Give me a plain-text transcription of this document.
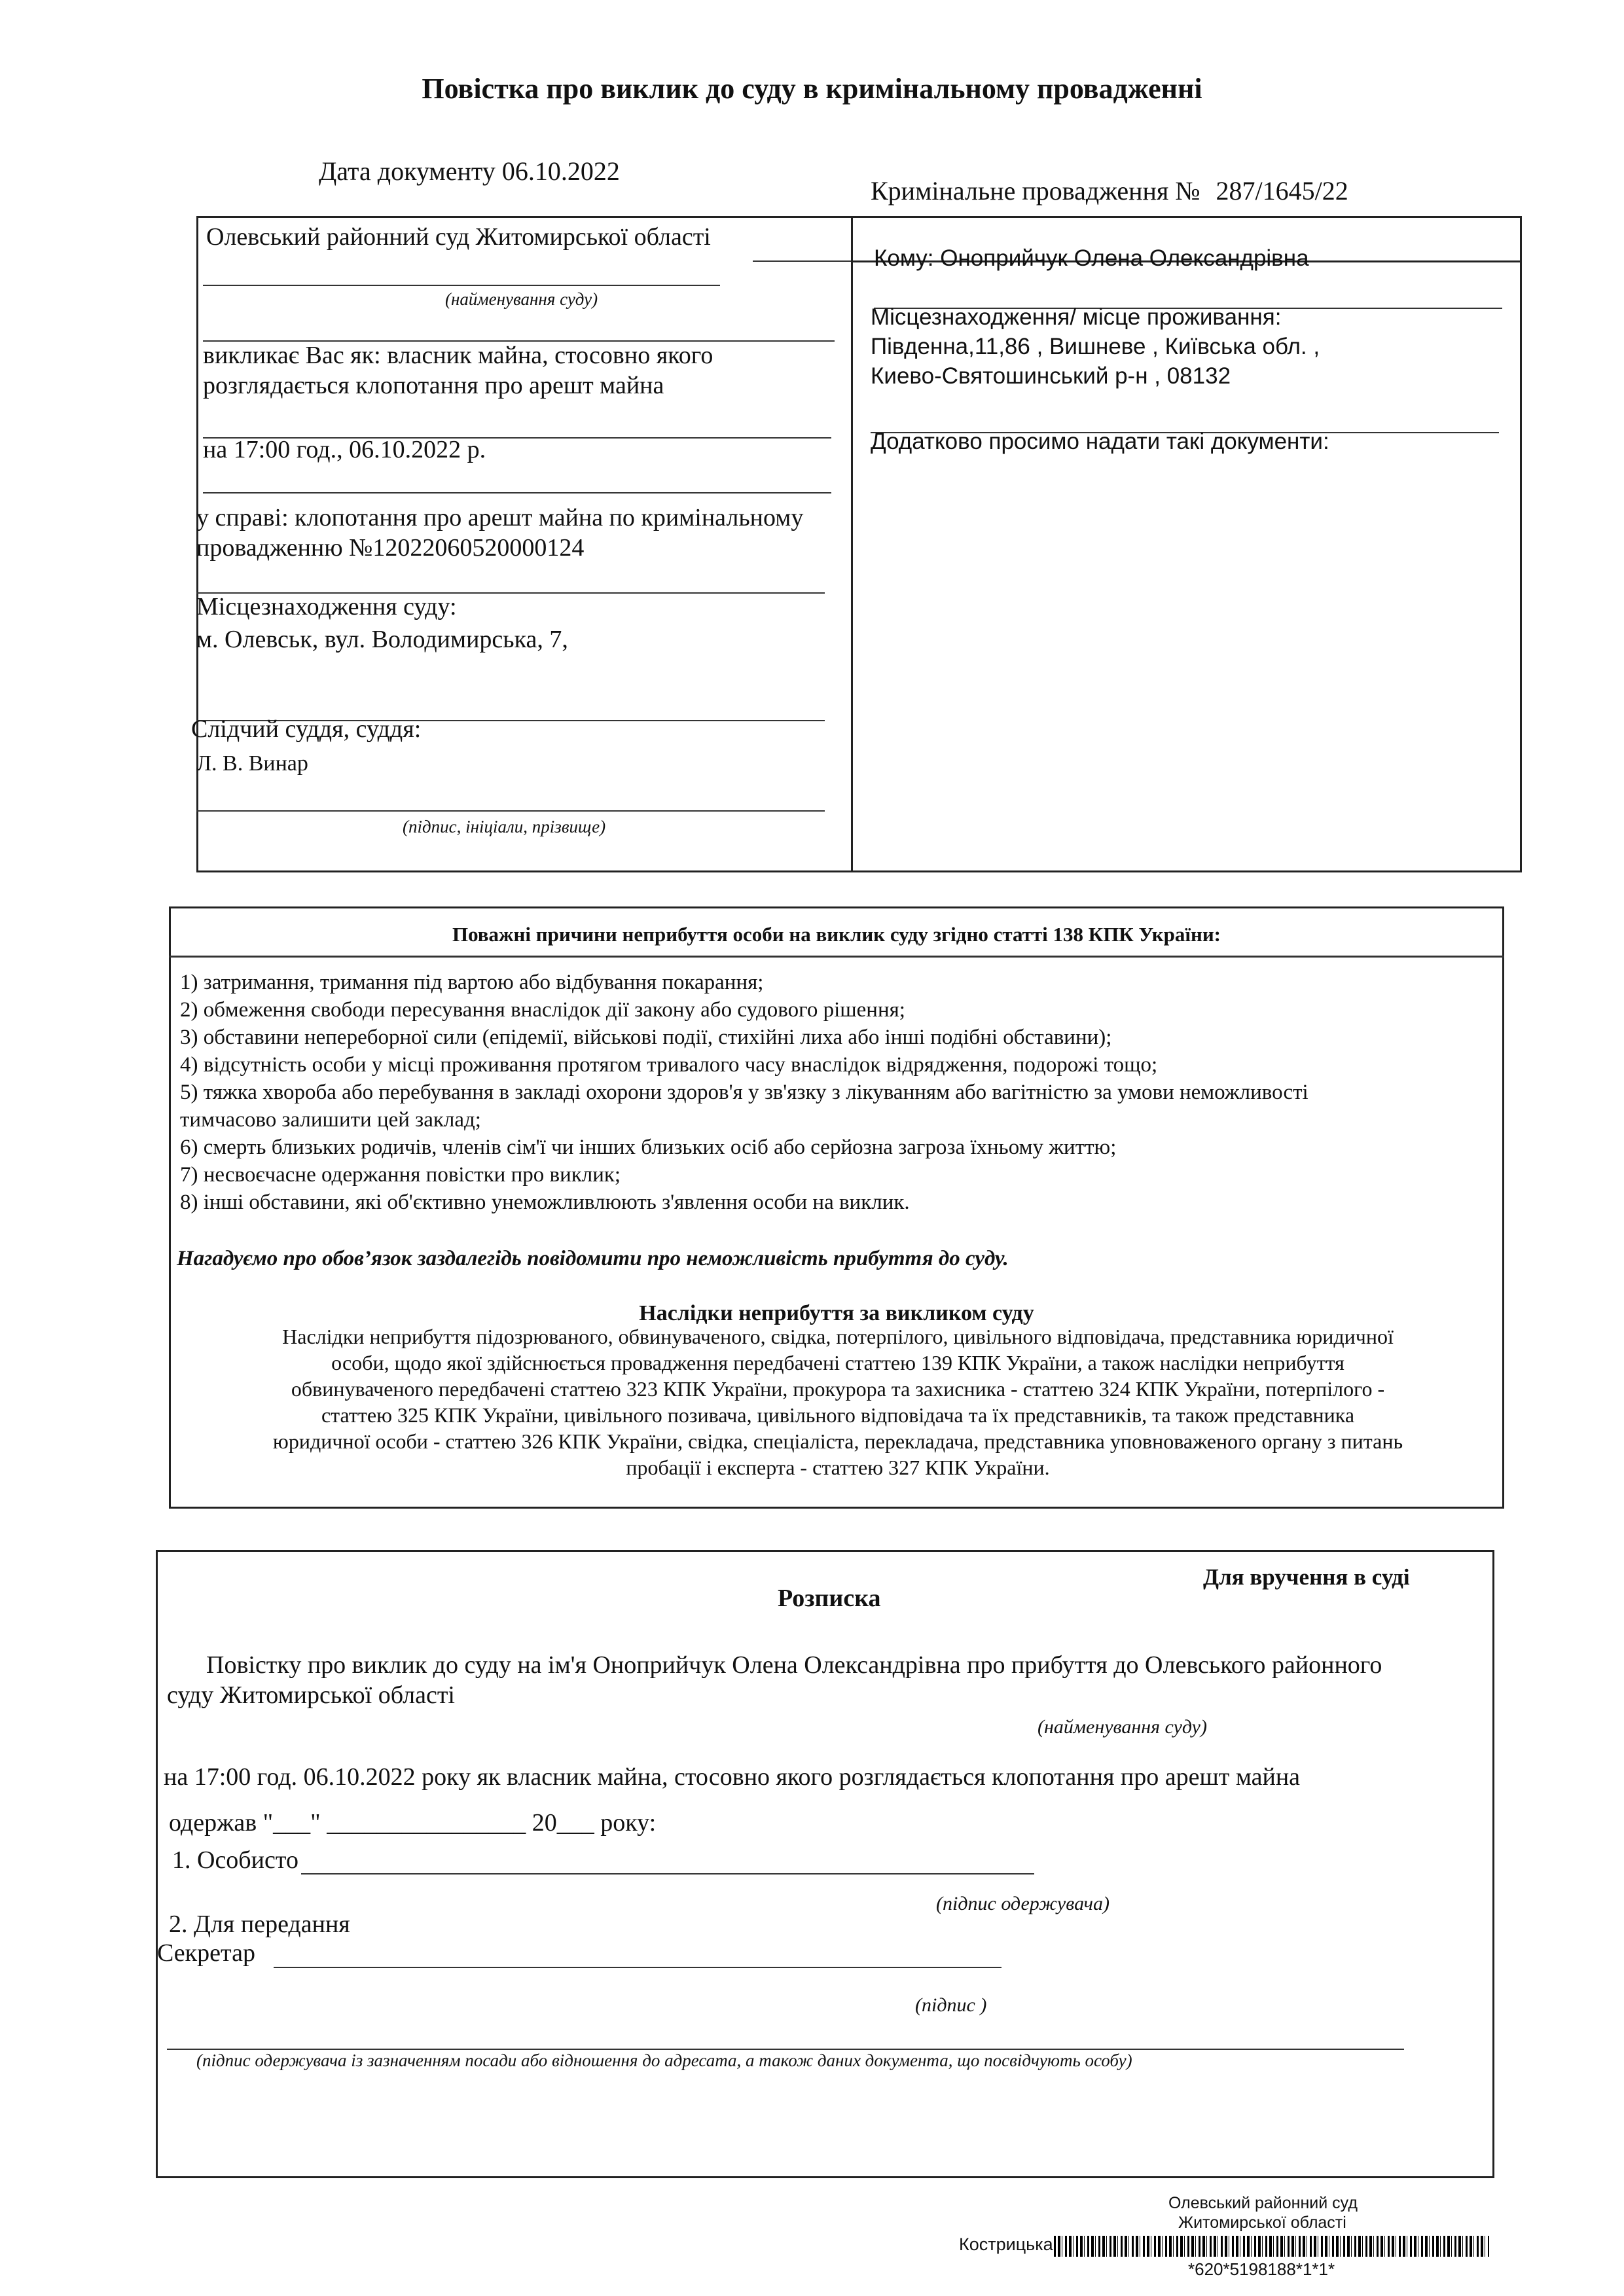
Повістка про виклик до суду в кримінальному провадженні
Дата документу 06.10.2022
Кримінальне провадження № 287/1645/22
Олевський районний суд Житомирської області
(найменування суду)
викликає Вас як: власник майна, стосовно якого розглядається клопотання про арешт майна
на 17:00 год., 06.10.2022 р.
у справі: клопотання про арешт майна по кримінальному провадженню №12022060520000124
Місцезнаходження суду:
м. Олевськ, вул. Володимирська, 7,
Слідчий суддя, суддя:
Л. В. Винар
(підпис, ініціали, прізвище)
Кому: Оноприйчук Олена Олександрівна
Місцезнаходження/ місце проживання:
Південна,11,86 , Вишневе , Київська обл. ,
Киево-Святошинський р-н , 08132
Додатково просимо надати такі документи:
Поважні причини неприбуття особи на виклик суду згідно статті 138 КПК України:
1) затримання, тримання під вартою або відбування покарання;
2) обмеження свободи пересування внаслідок дії закону або судового рішення;
3) обставини непереборної сили (епідемії, військові події, стихійні лиха або інші подібні обставини);
4) відсутність особи у місці проживання протягом тривалого часу внаслідок відрядження, подорожі тощо;
5) тяжка хвороба або перебування в закладі охорони здоров'я у зв'язку з лікуванням або вагітністю за умови неможливості
тимчасово залишити цей заклад;
6) смерть близьких родичів, членів сім'ї чи інших близьких осіб або серйозна загроза їхньому життю;
7) несвоєчасне одержання повістки про виклик;
8) інші обставини, які об'єктивно унеможливлюють з'явлення особи на виклик.
Нагадуємо про обов’язок заздалегідь повідомити про неможливість прибуття до суду.
Наслідки неприбуття за викликом суду
Наслідки неприбуття підозрюваного, обвинуваченого, свідка, потерпілого, цивільного відповідача, представника юридичної
особи, щодо якої здійснюється провадження передбачені статтею 139 КПК України, а також наслідки неприбуття
обвинуваченого передбачені статтею 323 КПК України, прокурора та захисника - статтею 324 КПК України, потерпілого -
статтею 325 КПК України, цивільного позивача, цивільного відповідача та їх представників, та також представника
юридичної особи - статтею 326 КПК України, свідка, спеціаліста, перекладача, представника уповноваженого органу з питань
пробації і експерта - статтею 327 КПК України.
Для вручення в суді
Розписка
Повістку про виклик до суду на ім'я Оноприйчук Олена Олександрівна про прибуття до Олевського районного
суду Житомирської області
(найменування суду)
на 17:00 год. 06.10.2022 року як власник майна, стосовно якого розглядається клопотання про арешт майна
одержав "___" ________________ 20___ року:
1. Особисто
(підпис одержувача)
2. Для передання
Секретар
(підпис )
(підпис одержувача із зазначенням посади або відношення до адресата, а також даних документа, що посвідчують особу)
Олевський районний суд
Житомирської області
Кострицька
*620*5198188*1*1*
